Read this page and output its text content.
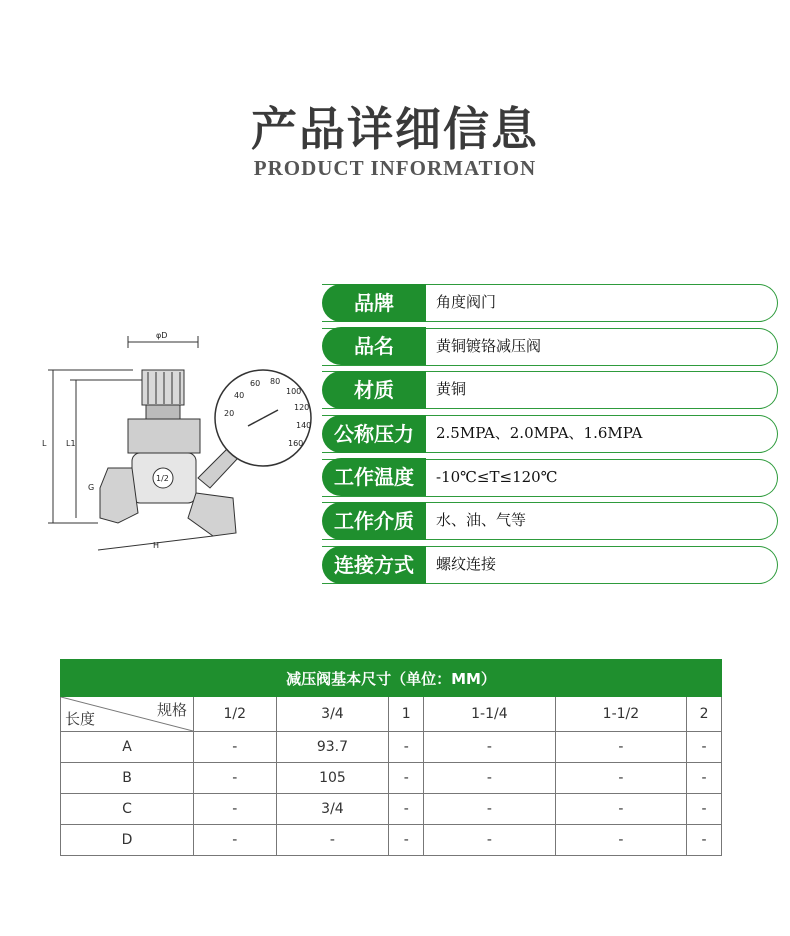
产品详细信息
PRODUCT INFORMATION
φD
L L1
H
G
1/2
40
60 80
100
120
140
160
20
品牌	角度阀门
品名	黄铜镀铬减压阀
材质	黄铜
公称压力	2.5MPA、2.0MPA、1.6MPA
工作温度	-10℃≤T≤120℃
工作介质	水、油、气等
连接方式	螺纹连接
减压阀基本尺寸（单位：MM）						

规格
长度	1/2	3/4	1	1-1/4	1-1/2	2
A	-	93.7	-	-	-	-
B	-	105	-	-	-	-
C	-	3/4	-	-	-	-
D	-	-	-	-	-	-
